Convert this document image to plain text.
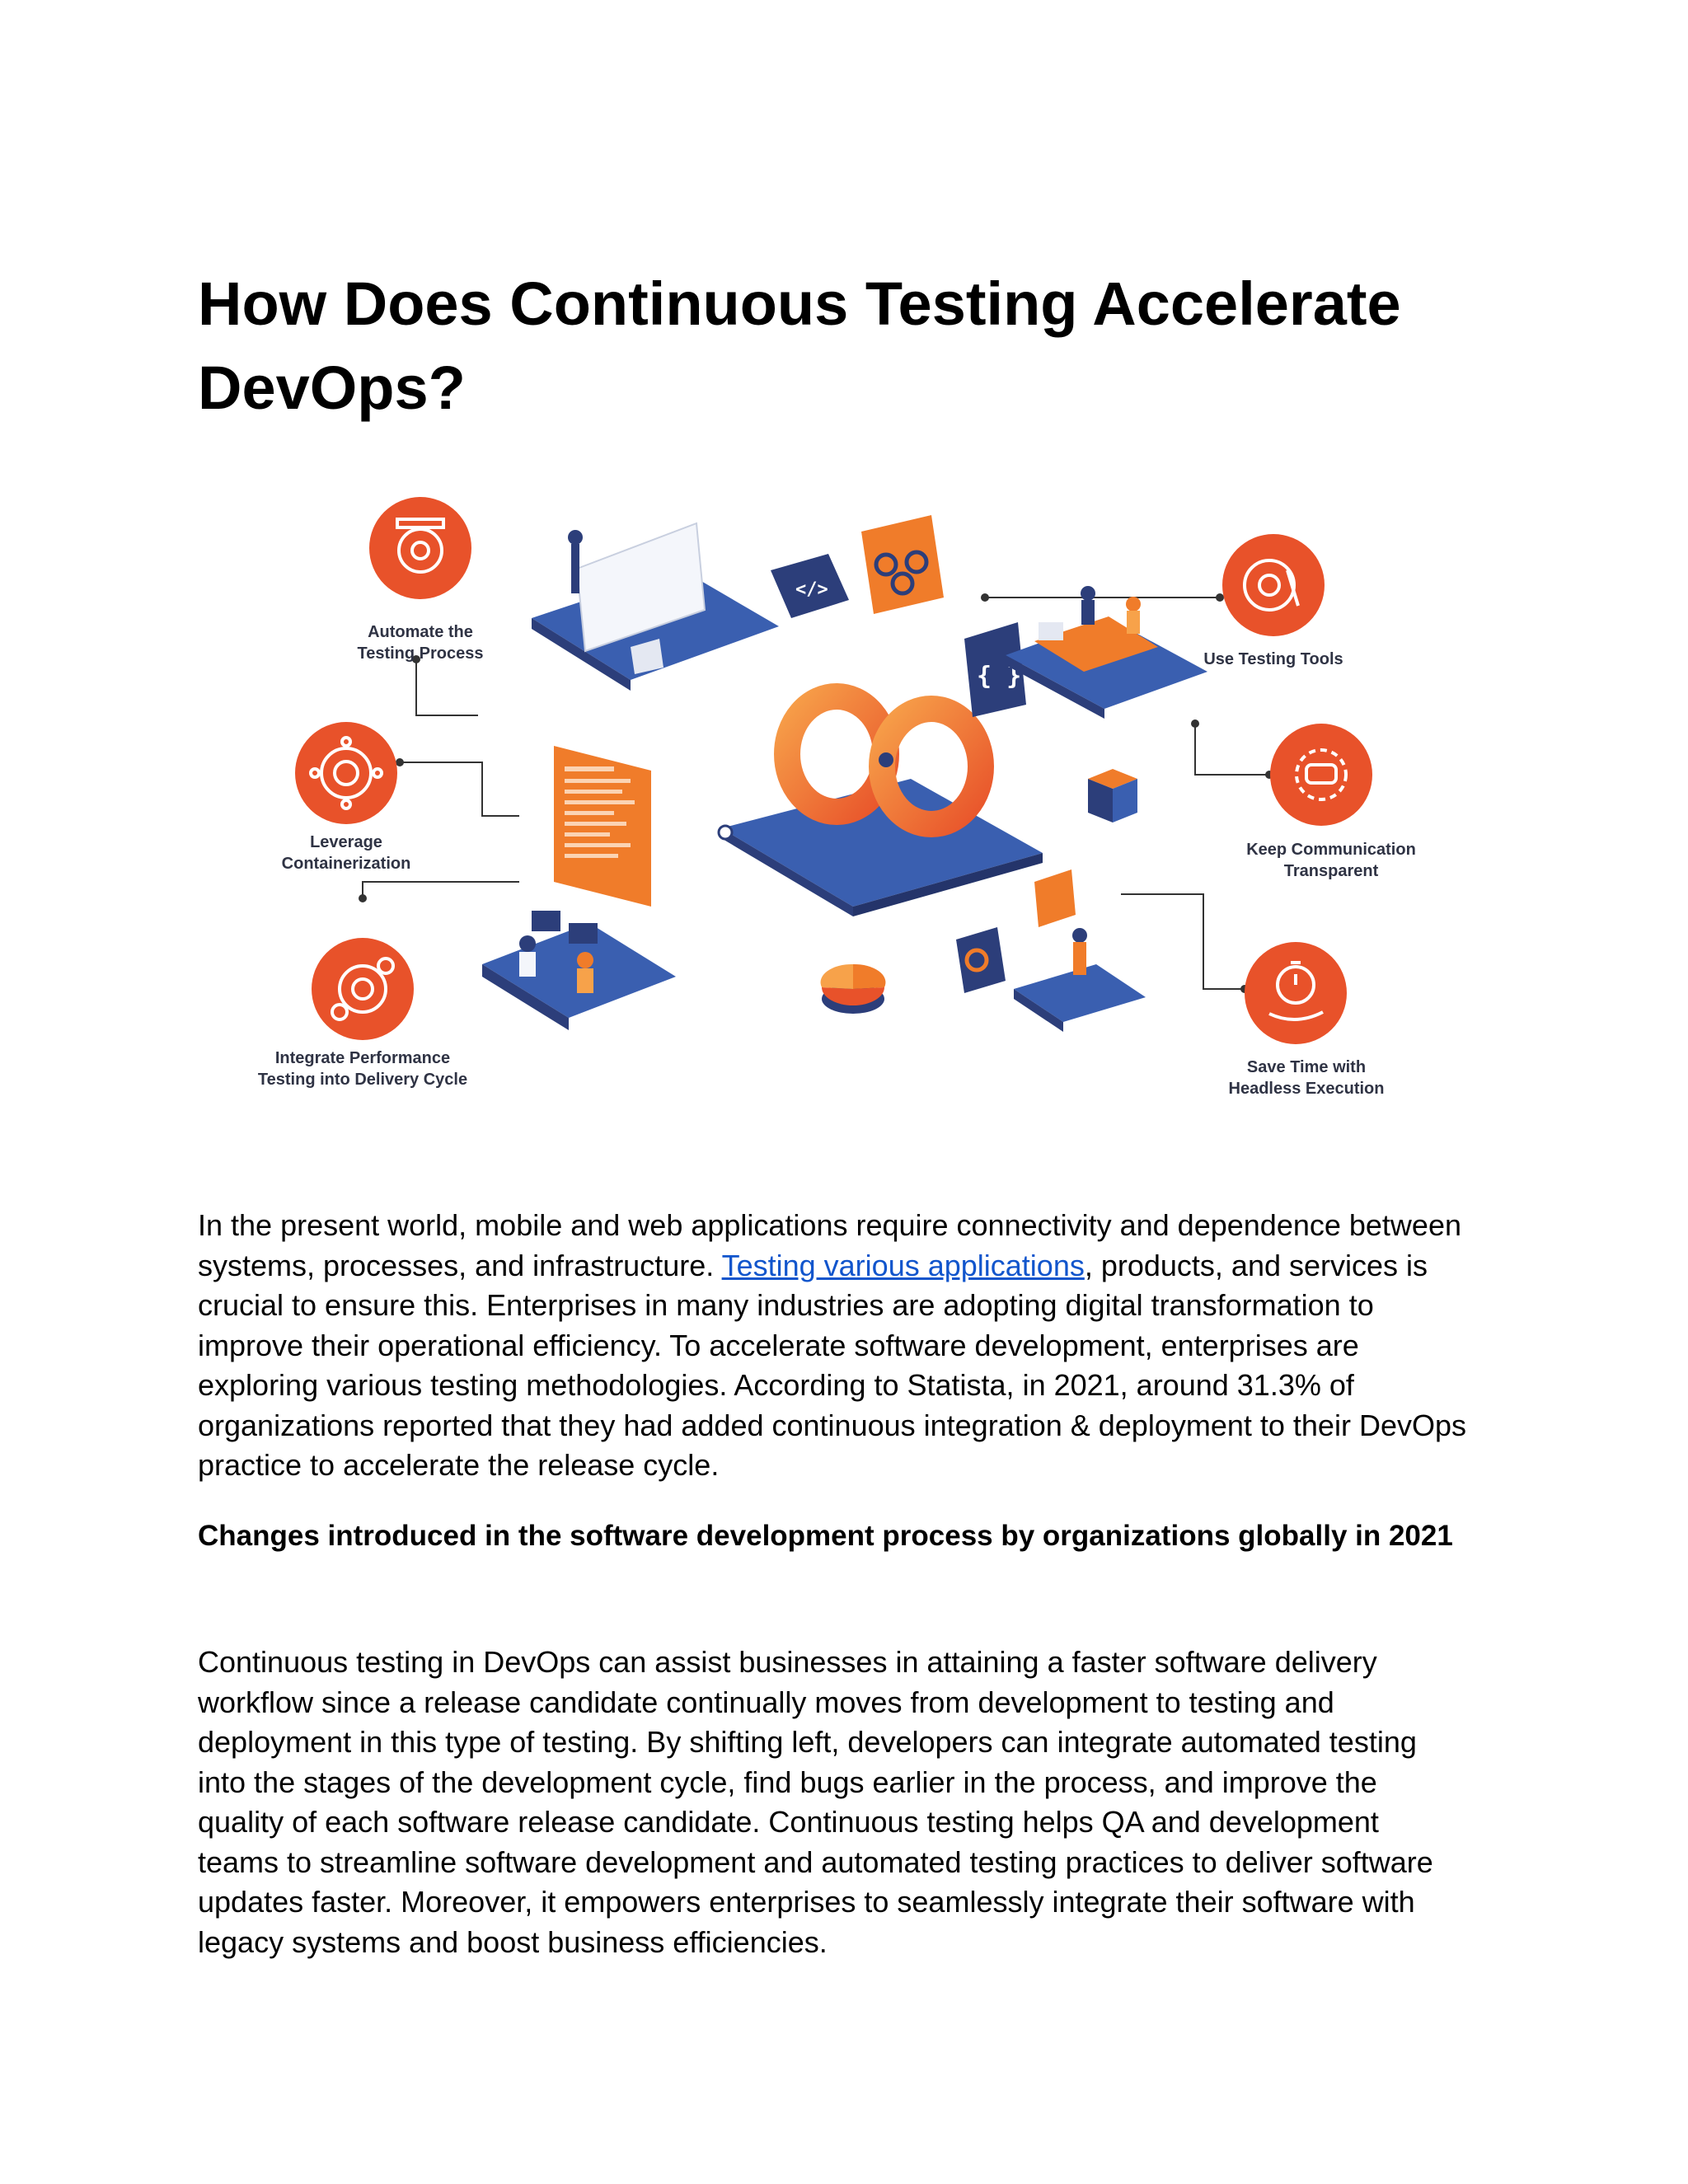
How Does Continuous Testing Accelerate DevOps?
</>
{ }
Automate the
Testing Process
Leverage
Containerization
Integrate Performance
Testing into Delivery Cycle
Use Testing Tools
Keep Communication
Transparent
Save Time with
Headless Execution

In the present world, mobile and web applications require connectivity and dependence between systems, processes, and infrastructure. Testing various applications, products, and services is crucial to ensure this. Enterprises in many industries are adopting digital transformation to improve their operational efficiency. To accelerate software development, enterprises are exploring various testing methodologies. According to Statista, in 2021, around 31.3% of organizations reported that they had added continuous integration & deployment to their DevOps practice to accelerate the release cycle.

Changes introduced in the software development process by organizations globally in 2021

Continuous testing in DevOps can assist businesses in attaining a faster software delivery workflow since a release candidate continually moves from development to testing and deployment in this type of testing. By shifting left, developers can integrate automated testing into the stages of the development cycle, find bugs earlier in the process, and improve the quality of each software release candidate. Continuous testing helps QA and development teams to streamline software development and automated testing practices to deliver software updates faster. Moreover, it empowers enterprises to seamlessly integrate their software with legacy systems and boost business efficiencies.
